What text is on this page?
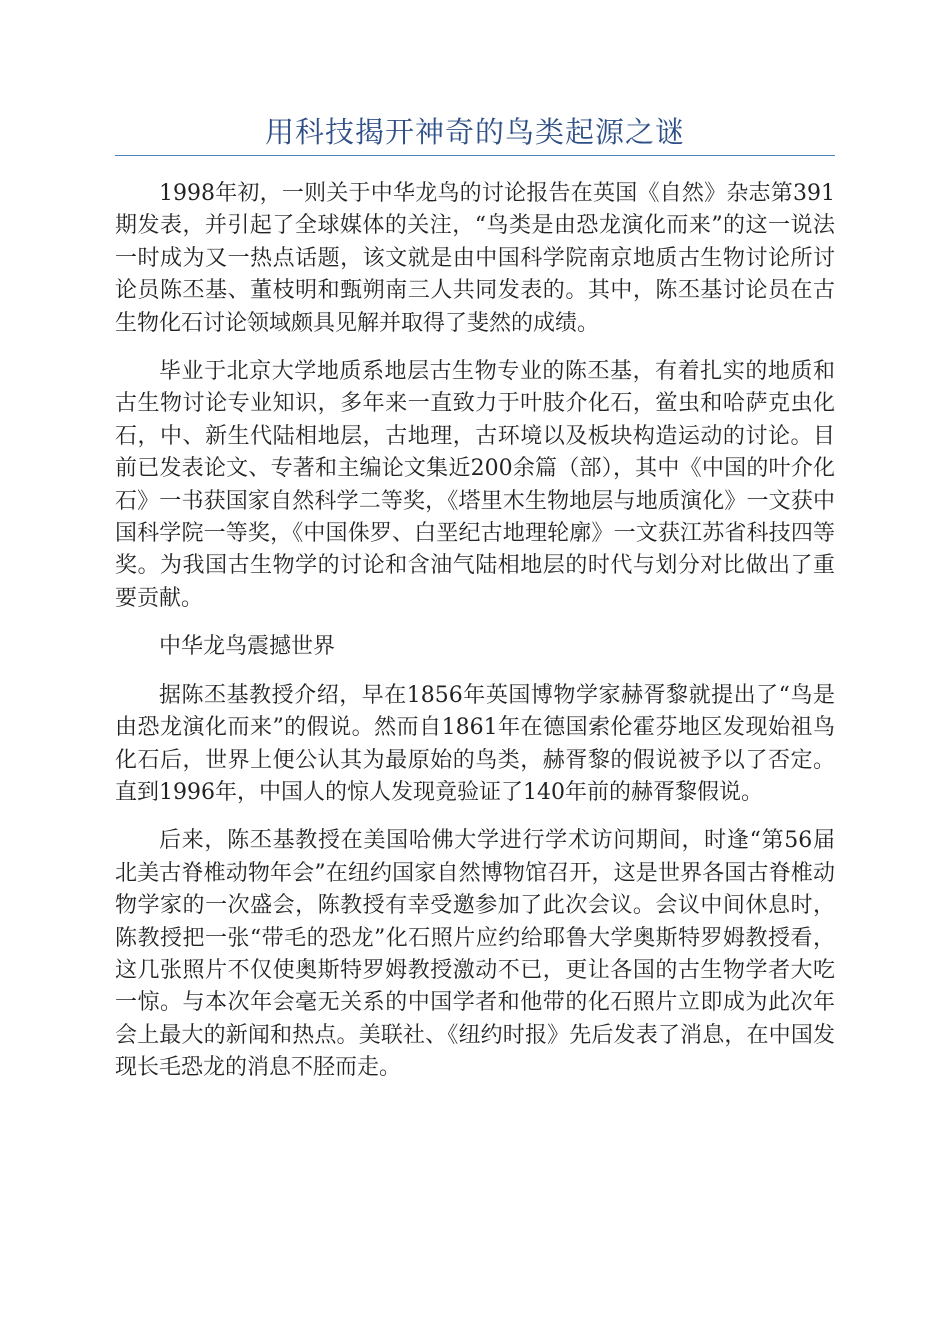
用科技揭开神奇的鸟类起源之谜

1998年初，一则关于中华龙鸟的讨论报告在英国《自然》杂志第391期发表，并引起了全球媒体的关注，“鸟类是由恐龙演化而来”的这一说法一时成为又一热点话题，该文就是由中国科学院南京地质古生物讨论所讨论员陈丕基、董枝明和甄朔南三人共同发表的。其中，陈丕基讨论员在古生物化石讨论领域颇具见解并取得了斐然的成绩。

毕业于北京大学地质系地层古生物专业的陈丕基，有着扎实的地质和古生物讨论专业知识，多年来一直致力于叶肢介化石，鲎虫和哈萨克虫化石，中、新生代陆相地层，古地理，古环境以及板块构造运动的讨论。目前已发表论文、专著和主编论文集近200余篇（部），其中《中国的叶介化石》一书获国家自然科学二等奖，《塔里木生物地层与地质演化》一文获中国科学院一等奖，《中国侏罗、白垩纪古地理轮廓》一文获江苏省科技四等奖。为我国古生物学的讨论和含油气陆相地层的时代与划分对比做出了重要贡献。

中华龙鸟震撼世界

据陈丕基教授介绍，早在1856年英国博物学家赫胥黎就提出了“鸟是由恐龙演化而来”的假说。然而自1861年在德国索伦霍芬地区发现始祖鸟化石后，世界上便公认其为最原始的鸟类，赫胥黎的假说被予以了否定。直到1996年，中国人的惊人发现竟验证了140年前的赫胥黎假说。

后来，陈丕基教授在美国哈佛大学进行学术访问期间，时逢“第56届北美古脊椎动物年会”在纽约国家自然博物馆召开，这是世界各国古脊椎动物学家的一次盛会，陈教授有幸受邀参加了此次会议。会议中间休息时，陈教授把一张“带毛的恐龙”化石照片应约给耶鲁大学奥斯特罗姆教授看，这几张照片不仅使奥斯特罗姆教授激动不已，更让各国的古生物学者大吃一惊。与本次年会毫无关系的中国学者和他带的化石照片立即成为此次年会上最大的新闻和热点。美联社、《纽约时报》先后发表了消息，在中国发现长毛恐龙的消息不胫而走。
